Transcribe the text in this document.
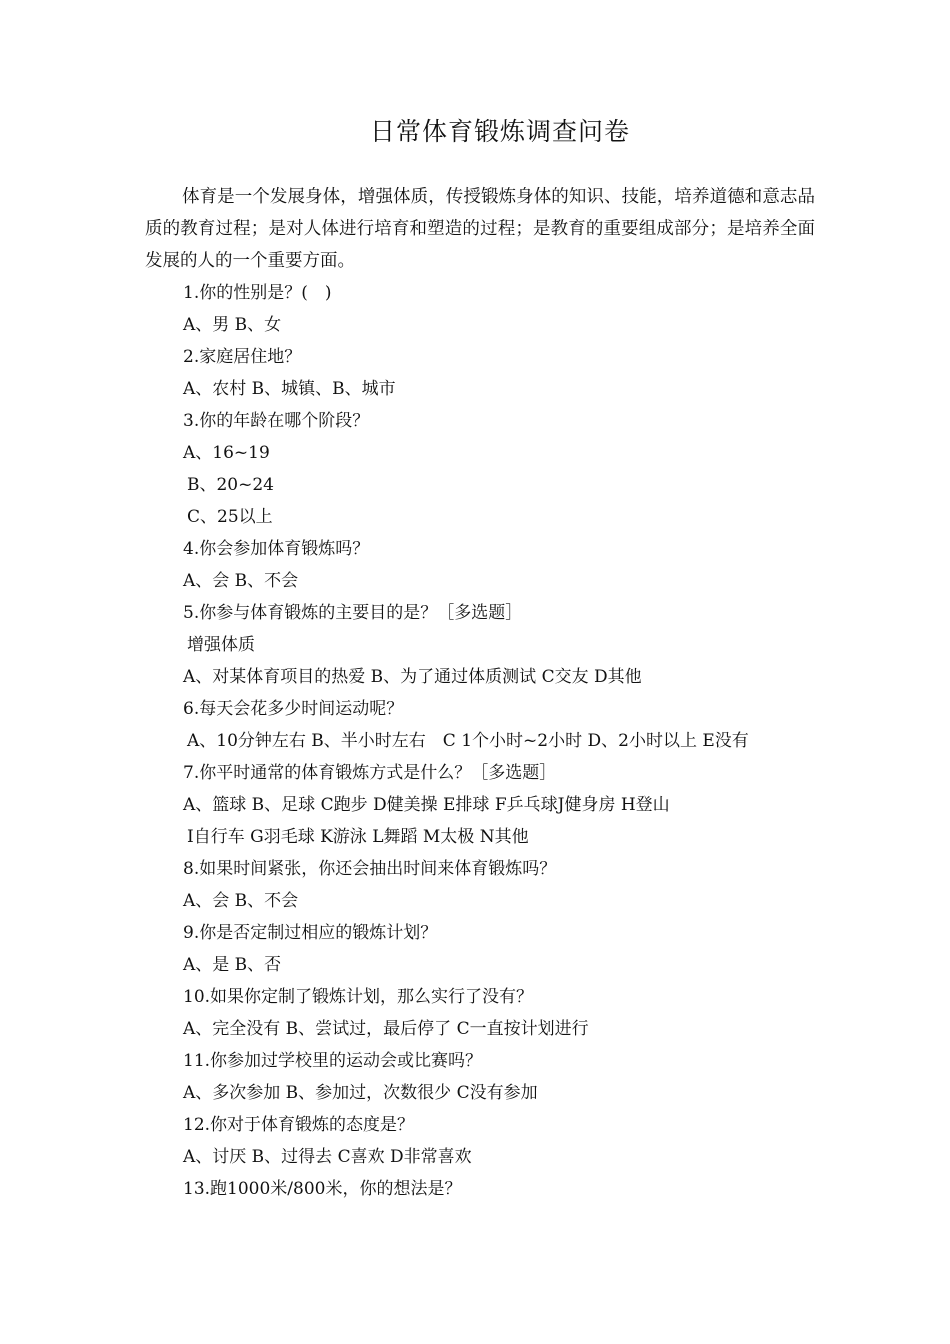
日常体育锻炼调查问卷
体育是一个发展身体，增强体质，传授锻炼身体的知识、技能，培养道德和意志品质的教育过程；是对人体进行培育和塑造的过程；是教育的重要组成部分；是培养全面发展的人的一个重要方面。
1.你的性别是？(　)
A、男 B、女
2.家庭居住地？
A、农村 B、城镇、B、城市
3.你的年龄在哪个阶段？
A、16~19
B、20~24
C、25以上
4.你会参加体育锻炼吗？
A、会 B、不会
5.你参与体育锻炼的主要目的是？［多选题］
增强体质
A、对某体育项目的热爱 B、为了通过体质测试 C交友 D其他
6.每天会花多少时间运动呢？
A、10分钟左右 B、半小时左右　C 1个小时~2小时 D、2小时以上 E没有
7.你平时通常的体育锻炼方式是什么？［多选题］
A、篮球 B、足球 C跑步 D健美操 E排球 F乒乓球J健身房 H登山
I自行车 G羽毛球 K游泳 L舞蹈 M太极 N其他
8.如果时间紧张，你还会抽出时间来体育锻炼吗？
A、会 B、不会
9.你是否定制过相应的锻炼计划？
A、是 B、否
10.如果你定制了锻炼计划，那么实行了没有？
A、完全没有 B、尝试过，最后停了 C一直按计划进行
11.你参加过学校里的运动会或比赛吗？
A、多次参加 B、参加过，次数很少 C没有参加
12.你对于体育锻炼的态度是？
A、讨厌 B、过得去 C喜欢 D非常喜欢
13.跑1000米/800米，你的想法是？
